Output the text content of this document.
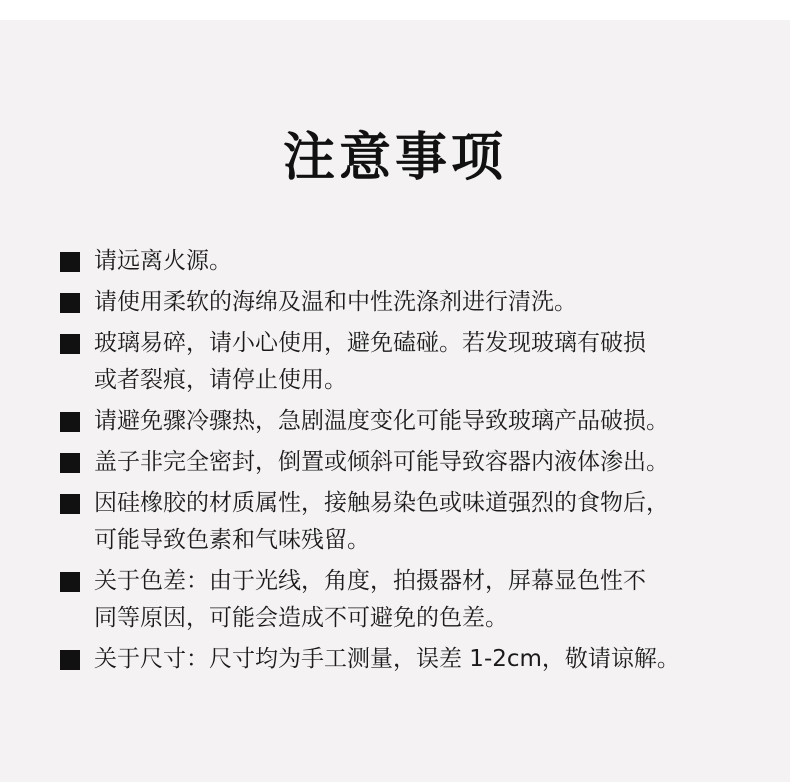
注意事项
请远离火源。
请使用柔软的海绵及温和中性洗涤剂进行清洗。
玻璃易碎，请小心使用，避免磕碰。若发现玻璃有破损
或者裂痕，请停止使用。
请避免骤冷骤热，急剧温度变化可能导致玻璃产品破损。
盖子非完全密封，倒置或倾斜可能导致容器内液体渗出。
因硅橡胶的材质属性，接触易染色或味道强烈的食物后，
可能导致色素和气味残留。
关于色差：由于光线，角度，拍摄器材，屏幕显色性不
同等原因，可能会造成不可避免的色差。
关于尺寸：尺寸均为手工测量，误差 1-2cm，敬请谅解。
